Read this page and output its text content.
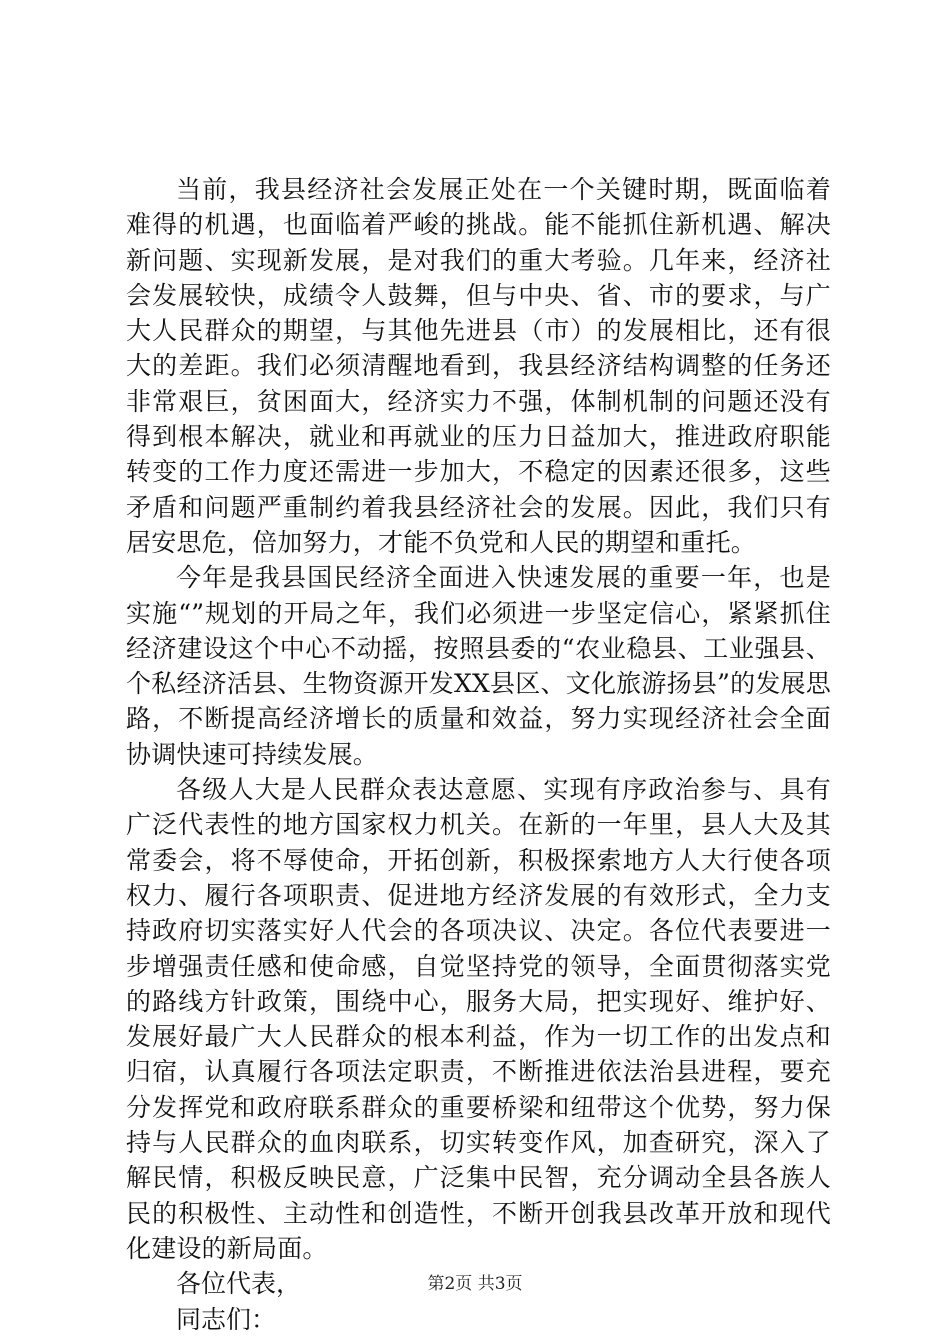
当前，我县经济社会发展正处在一个关键时期，既面临着难得的机遇，也面临着严峻的挑战。能不能抓住新机遇、解决新问题、实现新发展，是对我们的重大考验。几年来，经济社会发展较快，成绩令人鼓舞，但与中央、省、市的要求，与广大人民群众的期望，与其他先进县（市）的发展相比，还有很大的差距。我们必须清醒地看到，我县经济结构调整的任务还非常艰巨，贫困面大，经济实力不强，体制机制的问题还没有得到根本解决，就业和再就业的压力日益加大，推进政府职能转变的工作力度还需进一步加大，不稳定的因素还很多，这些矛盾和问题严重制约着我县经济社会的发展。因此，我们只有居安思危，倍加努力，才能不负党和人民的期望和重托。

今年是我县国民经济全面进入快速发展的重要一年，也是实施“”规划的开局之年，我们必须进一步坚定信心，紧紧抓住经济建设这个中心不动摇，按照县委的“农业稳县、工业强县、个私经济活县、生物资源开发XX县区、文化旅游扬县”的发展思路，不断提高经济增长的质量和效益，努力实现经济社会全面协调快速可持续发展。

各级人大是人民群众表达意愿、实现有序政治参与、具有广泛代表性的地方国家权力机关。在新的一年里，县人大及其常委会，将不辱使命，开拓创新，积极探索地方人大行使各项权力、履行各项职责、促进地方经济发展的有效形式，全力支持政府切实落实好人代会的各项决议、决定。各位代表要进一步增强责任感和使命感，自觉坚持党的领导，全面贯彻落实党的路线方针政策，围绕中心，服务大局，把实现好、维护好、发展好最广大人民群众的根本利益，作为一切工作的出发点和归宿，认真履行各项法定职责，不断推进依法治县进程，要充分发挥党和政府联系群众的重要桥梁和纽带这个优势，努力保持与人民群众的血肉联系，切实转变作风，加查研究，深入了解民情，积极反映民意，广泛集中民智，充分调动全县各族人民的积极性、主动性和创造性，不断开创我县改革开放和现代化建设的新局面。

各位代表，

同志们：

第2页 共3页
